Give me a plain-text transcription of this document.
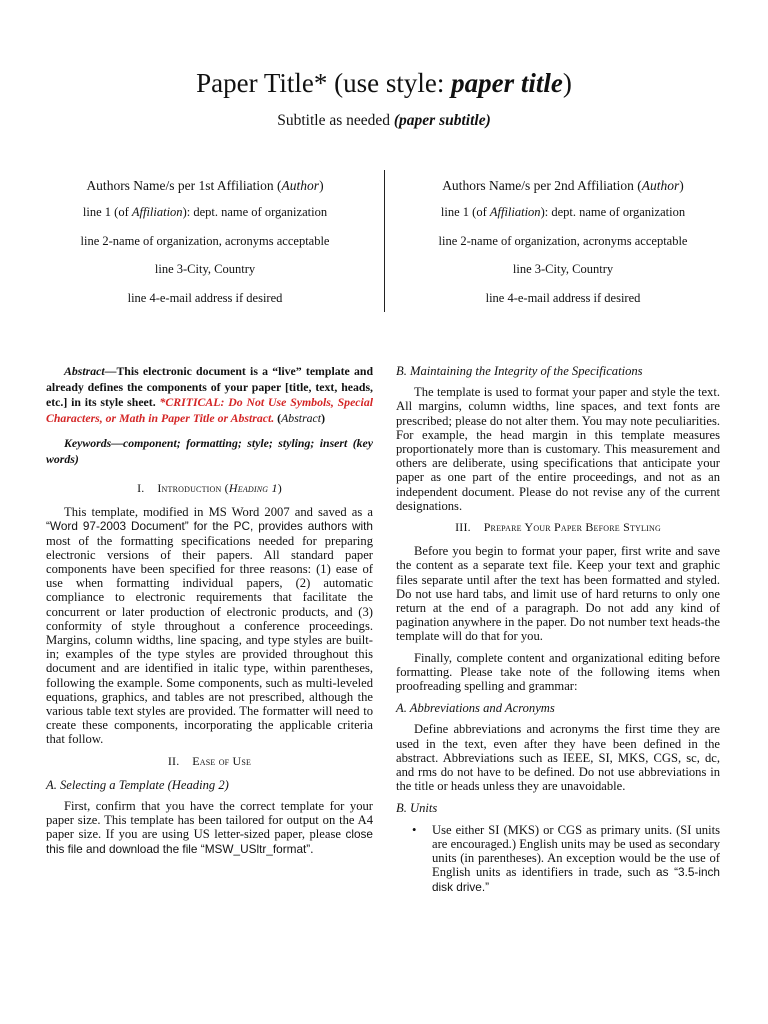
Paper Title* (use style: paper title)
Subtitle as needed (paper subtitle)
Authors Name/s per 1st Affiliation (Author)
line 1 (of Affiliation): dept. name of organization
line 2-name of organization, acronyms acceptable
line 3-City, Country
line 4-e-mail address if desired
Authors Name/s per 2nd Affiliation (Author)
line 1 (of Affiliation): dept. name of organization
line 2-name of organization, acronyms acceptable
line 3-City, Country
line 4-e-mail address if desired

Abstract—This electronic document is a “live” template and already defines the components of your paper [title, text, heads, etc.] in its style sheet. *CRITICAL: Do Not Use Symbols, Special Characters, or Math in Paper Title or Abstract. (Abstract)

Keywords—component; formatting; style; styling; insert (key words)

I. Introduction (Heading 1)

This template, modified in MS Word 2007 and saved as a “Word 97-2003 Document” for the PC, provides authors with most of the formatting specifications needed for preparing electronic versions of their papers. All standard paper components have been specified for three reasons: (1) ease of use when formatting individual papers, (2) automatic compliance to electronic requirements that facilitate the concurrent or later production of electronic products, and (3) conformity of style throughout a conference proceedings. Margins, column widths, line spacing, and type styles are built-in; examples of the type styles are provided throughout this document and are identified in italic type, within parentheses, following the example. Some components, such as multi-leveled equations, graphics, and tables are not prescribed, although the various table text styles are provided. The formatter will need to create these components, incorporating the applicable criteria that follow.

II. Ease of Use
A. Selecting a Template (Heading 2)

First, confirm that you have the correct template for your paper size. This template has been tailored for output on the A4 paper size. If you are using US letter-sized paper, please close this file and download the file “MSW_USltr_format”.

B. Maintaining the Integrity of the Specifications

The template is used to format your paper and style the text. All margins, column widths, line spaces, and text fonts are prescribed; please do not alter them. You may note peculiarities. For example, the head margin in this template measures proportionately more than is customary. This measurement and others are deliberate, using specifications that anticipate your paper as one part of the entire proceedings, and not as an independent document. Please do not revise any of the current designations.

III. Prepare Your Paper Before Styling

Before you begin to format your paper, first write and save the content as a separate text file. Keep your text and graphic files separate until after the text has been formatted and styled. Do not use hard tabs, and limit use of hard returns to only one return at the end of a paragraph. Do not add any kind of pagination anywhere in the paper. Do not number text heads-the template will do that for you.

Finally, complete content and organizational editing before formatting. Please take note of the following items when proofreading spelling and grammar:

A. Abbreviations and Acronyms

Define abbreviations and acronyms the first time they are used in the text, even after they have been defined in the abstract. Abbreviations such as IEEE, SI, MKS, CGS, sc, dc, and rms do not have to be defined. Do not use abbreviations in the title or heads unless they are unavoidable.

B. Units
• Use either SI (MKS) or CGS as primary units. (SI units are encouraged.) English units may be used as secondary units (in parentheses). An exception would be the use of English units as identifiers in trade, such as “3.5-inch disk drive.”
